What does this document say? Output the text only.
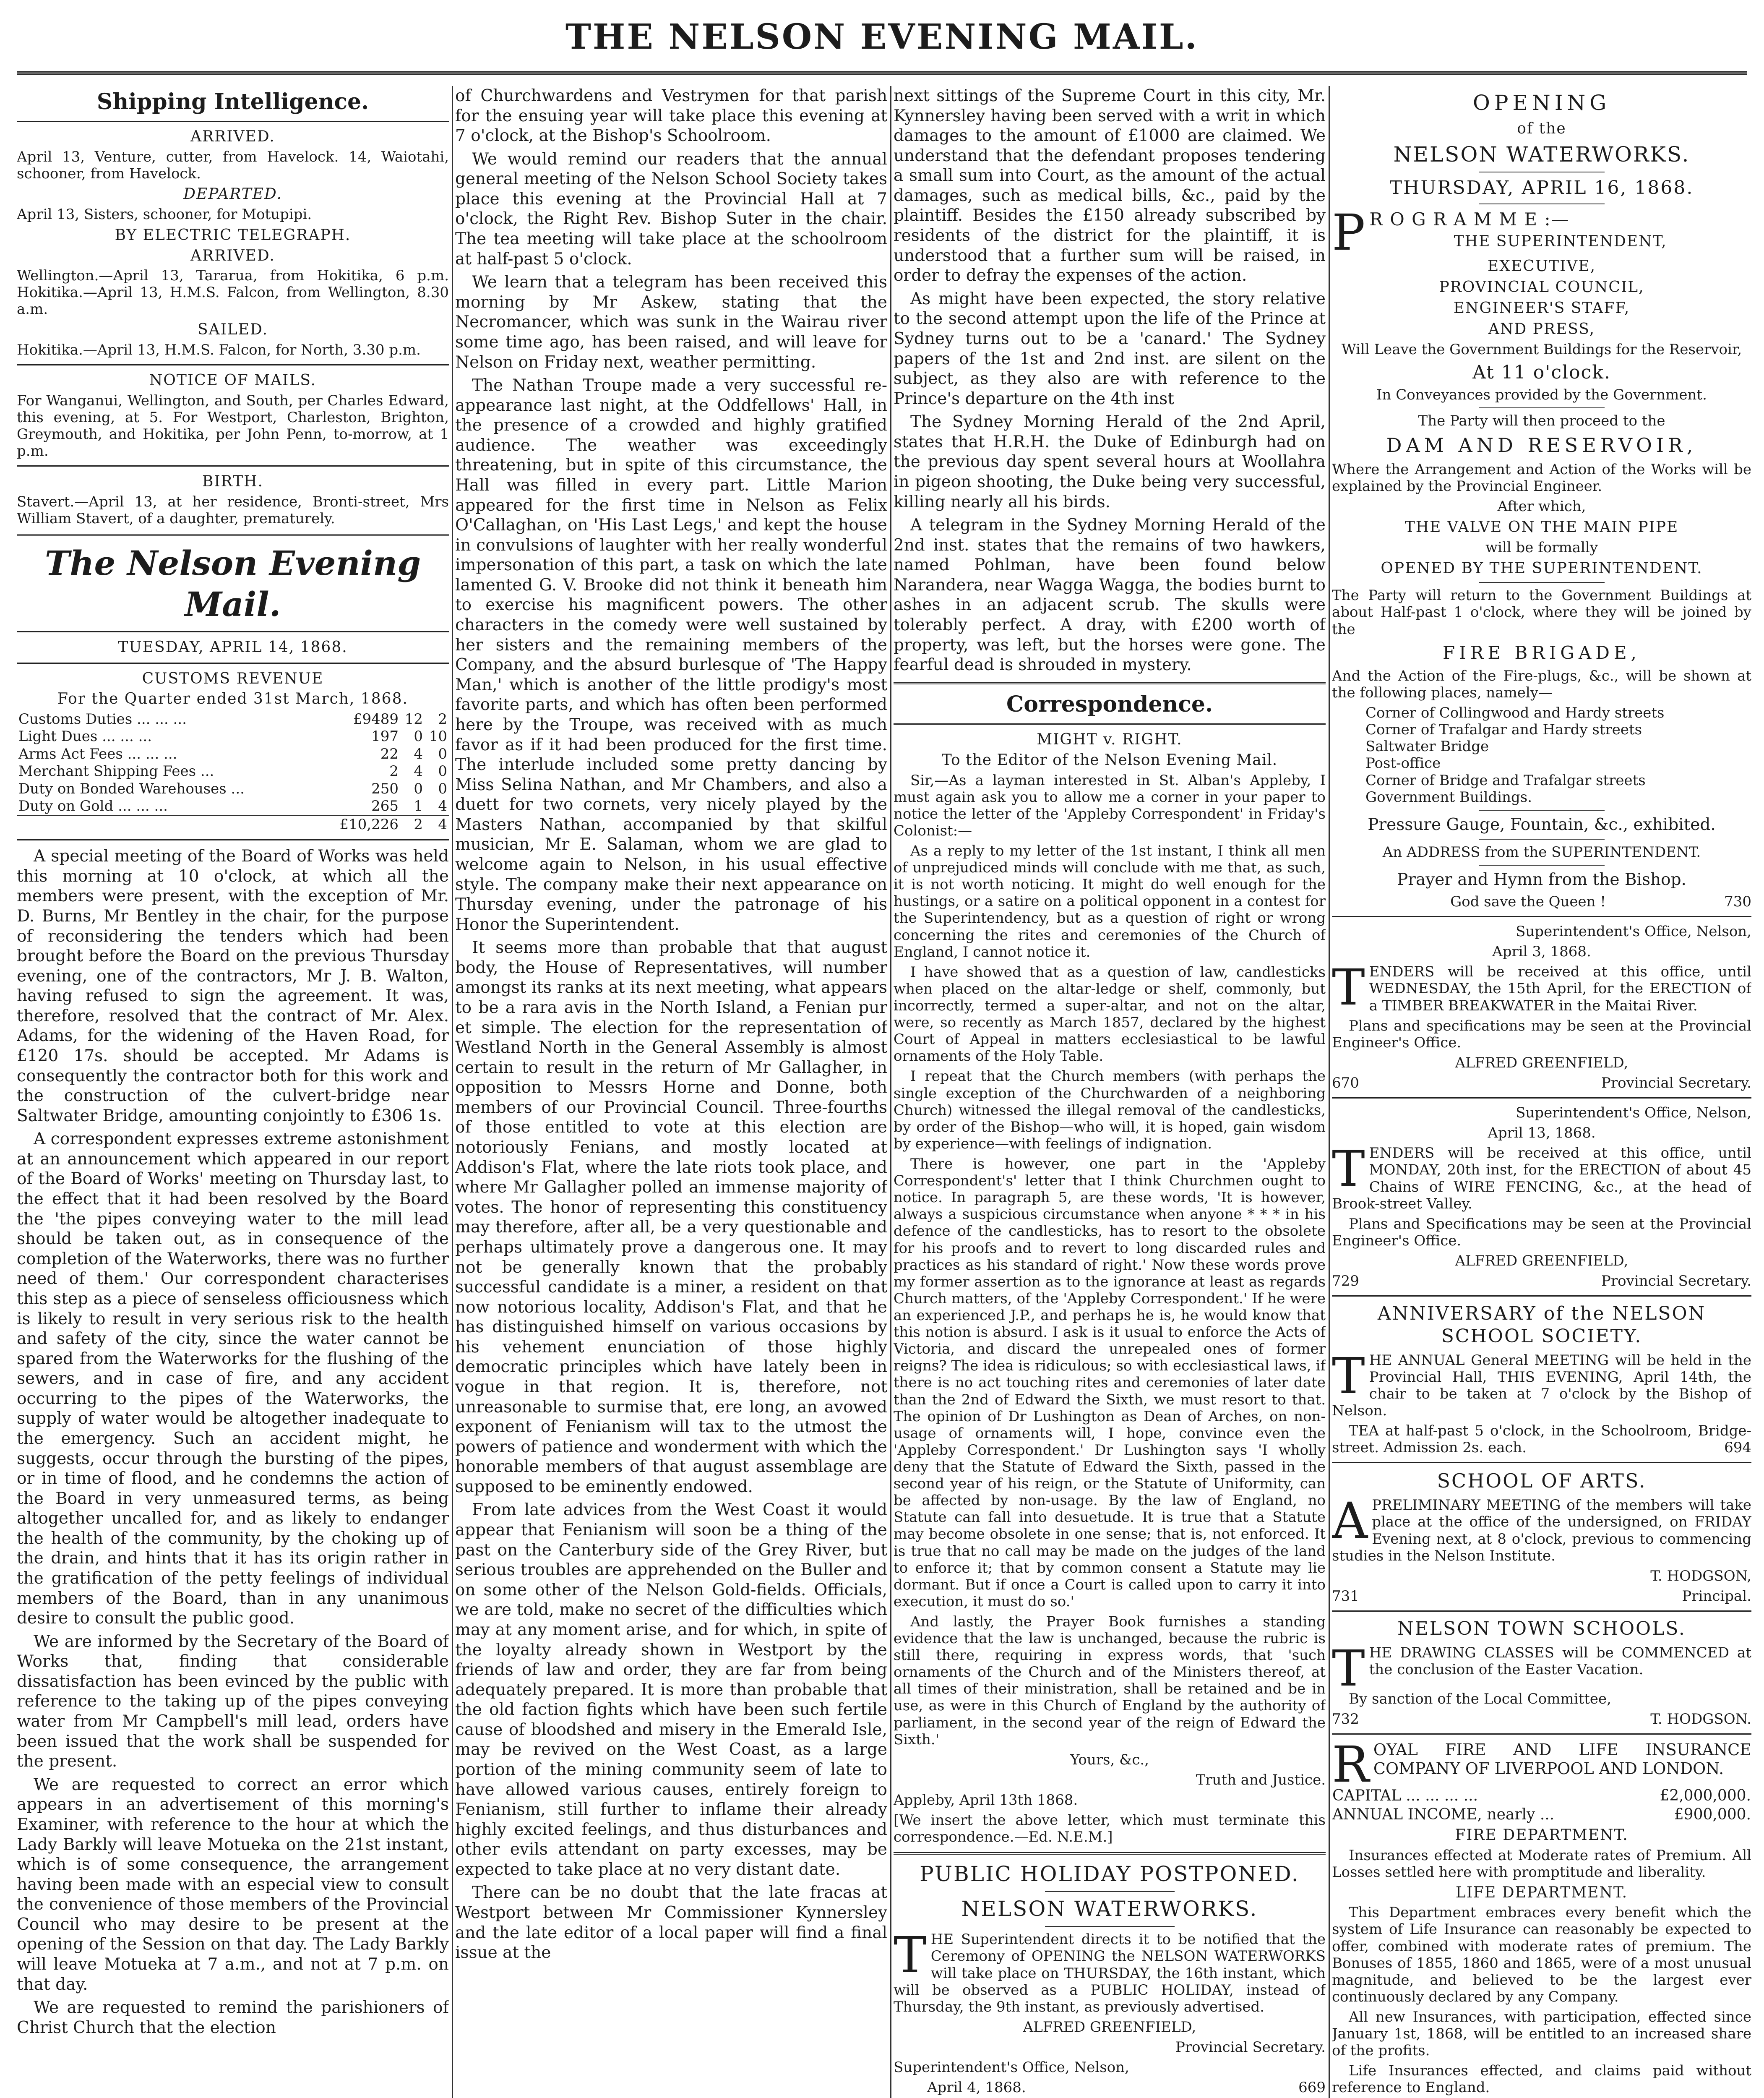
THE NELSON EVENING MAIL.
Shipping Intelligence.
ARRIVED.

April 13, Venture, cutter, from Havelock. 14, Waiotahi, schooner, from Havelock.

DEPARTED.

April 13, Sisters, schooner, for Motupipi.

BY ELECTRIC TELEGRAPH.
ARRIVED.

Wellington.—April 13, Tararua, from Hokitika, 6 p.m. Hokitika.—April 13, H.M.S. Falcon, from Wellington, 8.30 a.m.

SAILED.

Hokitika.—April 13, H.M.S. Falcon, for North, 3.30 p.m.

NOTICE OF MAILS.

For Wanganui, Wellington, and South, per Charles Edward, this evening, at 5. For Westport, Charleston, Brighton, Greymouth, and Hokitika, per John Penn, to-morrow, at 1 p.m.

BIRTH.

Stavert.—April 13, at her residence, Bronti-street, Mrs William Stavert, of a daughter, prematurely.

The Nelson Evening Mail.
TUESDAY, APRIL 14, 1868.
CUSTOMS REVENUE
For the Quarter ended 31st March, 1868.
Customs Duties ... ... ...	£9489	12	2
Light Dues ... ... ...	197	0	10
Arms Act Fees ... ... ...	22	4	0
Merchant Shipping Fees ...	2	4	0
Duty on Bonded Warehouses ...	250	0	0
Duty on Gold ... ... ...	265	1	4
	£10,226	2	4

A special meeting of the Board of Works was held this morning at 10 o'clock, at which all the members were present, with the exception of Mr. D. Burns, Mr Bentley in the chair, for the purpose of reconsidering the tenders which had been brought before the Board on the previous Thursday evening, one of the contractors, Mr J. B. Walton, having refused to sign the agreement. It was, therefore, resolved that the contract of Mr. Alex. Adams, for the widening of the Haven Road, for £120 17s. should be accepted. Mr Adams is consequently the contractor both for this work and the construction of the culvert-bridge near Saltwater Bridge, amounting conjointly to £306 1s.

A correspondent expresses extreme astonishment at an announcement which appeared in our report of the Board of Works' meeting on Thursday last, to the effect that it had been resolved by the Board the 'the pipes conveying water to the mill lead should be taken out, as in consequence of the completion of the Waterworks, there was no further need of them.' Our correspondent characterises this step as a piece of senseless officiousness which is likely to result in very serious risk to the health and safety of the city, since the water cannot be spared from the Waterworks for the flushing of the sewers, and in case of fire, and any accident occurring to the pipes of the Waterworks, the supply of water would be altogether inadequate to the emergency. Such an accident might, he suggests, occur through the bursting of the pipes, or in time of flood, and he condemns the action of the Board in very unmeasured terms, as being altogether uncalled for, and as likely to endanger the health of the community, by the choking up of the drain, and hints that it has its origin rather in the gratification of the petty feelings of individual members of the Board, than in any unanimous desire to consult the public good.

We are informed by the Secretary of the Board of Works that, finding that considerable dissatisfaction has been evinced by the public with reference to the taking up of the pipes conveying water from Mr Campbell's mill lead, orders have been issued that the work shall be suspended for the present.

We are requested to correct an error which appears in an advertisement of this morning's Examiner, with reference to the hour at which the Lady Barkly will leave Motueka on the 21st instant, which is of some consequence, the arrangement having been made with an especial view to consult the convenience of those members of the Provincial Council who may desire to be present at the opening of the Session on that day. The Lady Barkly will leave Motueka at 7 a.m., and not at 7 p.m. on that day.

We are requested to remind the parishioners of Christ Church that the election

of Churchwardens and Vestrymen for that parish for the ensuing year will take place this evening at 7 o'clock, at the Bishop's Schoolroom.

We would remind our readers that the annual general meeting of the Nelson School Society takes place this evening at the Provincial Hall at 7 o'clock, the Right Rev. Bishop Suter in the chair. The tea meeting will take place at the schoolroom at half-past 5 o'clock.

We learn that a telegram has been received this morning by Mr Askew, stating that the Necromancer, which was sunk in the Wairau river some time ago, has been raised, and will leave for Nelson on Friday next, weather permitting.

The Nathan Troupe made a very successful re-appearance last night, at the Oddfellows' Hall, in the presence of a crowded and highly gratified audience. The weather was exceedingly threatening, but in spite of this circumstance, the Hall was filled in every part. Little Marion appeared for the first time in Nelson as Felix O'Callaghan, on 'His Last Legs,' and kept the house in convulsions of laughter with her really wonderful impersonation of this part, a task on which the late lamented G. V. Brooke did not think it beneath him to exercise his magnificent powers. The other characters in the comedy were well sustained by her sisters and the remaining members of the Company, and the absurd burlesque of 'The Happy Man,' which is another of the little prodigy's most favorite parts, and which has often been performed here by the Troupe, was received with as much favor as if it had been produced for the first time. The interlude included some pretty dancing by Miss Selina Nathan, and Mr Chambers, and also a duett for two cornets, very nicely played by the Masters Nathan, accompanied by that skilful musician, Mr E. Salaman, whom we are glad to welcome again to Nelson, in his usual effective style. The company make their next appearance on Thursday evening, under the patronage of his Honor the Superintendent.

It seems more than probable that that august body, the House of Representatives, will number amongst its ranks at its next meeting, what appears to be a rara avis in the North Island, a Fenian pur et simple. The election for the representation of Westland North in the General Assembly is almost certain to result in the return of Mr Gallagher, in opposition to Messrs Horne and Donne, both members of our Provincial Council. Three-fourths of those entitled to vote at this election are notoriously Fenians, and mostly located at Addison's Flat, where the late riots took place, and where Mr Gallagher polled an immense majority of votes. The honor of representing this constituency may therefore, after all, be a very questionable and perhaps ultimately prove a dangerous one. It may not be generally known that the probably successful candidate is a miner, a resident on that now notorious locality, Addison's Flat, and that he has distinguished himself on various occasions by his vehement enunciation of those highly democratic principles which have lately been in vogue in that region. It is, therefore, not unreasonable to surmise that, ere long, an avowed exponent of Fenianism will tax to the utmost the powers of patience and wonderment with which the honorable members of that august assemblage are supposed to be eminently endowed.

From late advices from the West Coast it would appear that Fenianism will soon be a thing of the past on the Canterbury side of the Grey River, but serious troubles are apprehended on the Buller and on some other of the Nelson Gold-fields. Officials, we are told, make no secret of the difficulties which may at any moment arise, and for which, in spite of the loyalty already shown in Westport by the friends of law and order, they are far from being adequately prepared. It is more than probable that the old faction fights which have been such fertile cause of bloodshed and misery in the Emerald Isle, may be revived on the West Coast, as a large portion of the mining community seem of late to have allowed various causes, entirely foreign to Fenianism, still further to inflame their already highly excited feelings, and thus disturbances and other evils attendant on party excesses, may be expected to take place at no very distant date.

There can be no doubt that the late fracas at Westport between Mr Commissioner Kynnersley and the late editor of a local paper will find a final issue at the

next sittings of the Supreme Court in this city, Mr. Kynnersley having been served with a writ in which damages to the amount of £1000 are claimed. We understand that the defendant proposes tendering a small sum into Court, as the amount of the actual damages, such as medical bills, &c., paid by the plaintiff. Besides the £150 already subscribed by residents of the district for the plaintiff, it is understood that a further sum will be raised, in order to defray the expenses of the action.

As might have been expected, the story relative to the second attempt upon the life of the Prince at Sydney turns out to be a 'canard.' The Sydney papers of the 1st and 2nd inst. are silent on the subject, as they also are with reference to the Prince's departure on the 4th inst

The Sydney Morning Herald of the 2nd April, states that H.R.H. the Duke of Edinburgh had on the previous day spent several hours at Woollahra in pigeon shooting, the Duke being very successful, killing nearly all his birds.

A telegram in the Sydney Morning Herald of the 2nd inst. states that the remains of two hawkers, named Pohlman, have been found below Narandera, near Wagga Wagga, the bodies burnt to ashes in an adjacent scrub. The skulls were tolerably perfect. A dray, with £200 worth of property, was left, but the horses were gone. The fearful dead is shrouded in mystery.

Correspondence.
MIGHT v. RIGHT.
To the Editor of the Nelson Evening Mail.

Sir,—As a layman interested in St. Alban's Appleby, I must again ask you to allow me a corner in your paper to notice the letter of the 'Appleby Correspondent' in Friday's Colonist:—

As a reply to my letter of the 1st instant, I think all men of unprejudiced minds will conclude with me that, as such, it is not worth noticing. It might do well enough for the hustings, or a satire on a political opponent in a contest for the Superintendency, but as a question of right or wrong concerning the rites and ceremonies of the Church of England, I cannot notice it.

I have showed that as a question of law, candlesticks when placed on the altar-ledge or shelf, commonly, but incorrectly, termed a super-altar, and not on the altar, were, so recently as March 1857, declared by the highest Court of Appeal in matters ecclesiastical to be lawful ornaments of the Holy Table.

I repeat that the Church members (with perhaps the single exception of the Churchwarden of a neighboring Church) witnessed the illegal removal of the candlesticks, by order of the Bishop—who will, it is hoped, gain wisdom by experience—with feelings of indignation.

There is however, one part in the 'Appleby Correspondent's' letter that I think Churchmen ought to notice. In paragraph 5, are these words, 'It is however, always a suspicious circumstance when anyone * * * in his defence of the candlesticks, has to resort to the obsolete for his proofs and to revert to long discarded rules and practices as his standard of right.' Now these words prove my former assertion as to the ignorance at least as regards Church matters, of the 'Appleby Correspondent.' If he were an experienced J.P., and perhaps he is, he would know that this notion is absurd. I ask is it usual to enforce the Acts of Victoria, and discard the unrepealed ones of former reigns? The idea is ridiculous; so with ecclesiastical laws, if there is no act touching rites and ceremonies of later date than the 2nd of Edward the Sixth, we must resort to that. The opinion of Dr Lushington as Dean of Arches, on non-usage of ornaments will, I hope, convince even the 'Appleby Correspondent.' Dr Lushington says 'I wholly deny that the Statute of Edward the Sixth, passed in the second year of his reign, or the Statute of Uniformity, can be affected by non-usage. By the law of England, no Statute can fall into desuetude. It is true that a Statute may become obsolete in one sense; that is, not enforced. It is true that no call may be made on the judges of the land to enforce it; that by common consent a Statute may lie dormant. But if once a Court is called upon to carry it into execution, it must do so.'

And lastly, the Prayer Book furnishes a standing evidence that the law is unchanged, because the rubric is still there, requiring in express words, that 'such ornaments of the Church and of the Ministers thereof, at all times of their ministration, shall be retained and be in use, as were in this Church of England by the authority of parliament, in the second year of the reign of Edward the Sixth.'

Yours, &c.,

Truth and Justice.

Appleby, April 13th 1868.

[We insert the above letter, which must terminate this correspondence.—Ed. N.E.M.]

PUBLIC HOLIDAY POSTPONED.
NELSON WATERWORKS.
T HE Superintendent directs it to be notified that the Ceremony of OPENING the NELSON WATERWORKS will take place on THURSDAY, the 16th instant, which will be observed as a PUBLIC HOLIDAY, instead of Thursday, the 9th instant, as previously advertised.

ALFRED GREENFIELD,

Provincial Secretary.

Superintendent's Office, Nelson,

April 4, 1868.	669

OPENING
of the
NELSON WATERWORKS.
THURSDAY, APRIL 16, 1868.
P R O G R A M M E :—
THE SUPERINTENDENT,
EXECUTIVE,
PROVINCIAL COUNCIL,
ENGINEER'S STAFF,
AND PRESS,

Will Leave the Government Buildings for the Reservoir,

At 11 o'clock.

In Conveyances provided by the Government.

The Party will then proceed to the

DAM AND RESERVOIR,

Where the Arrangement and Action of the Works will be explained by the Provincial Engineer.

After which,

THE VALVE ON THE MAIN PIPE

will be formally

OPENED BY THE SUPERINTENDENT.

The Party will return to the Government Buildings at about Half-past 1 o'clock, where they will be joined by the

FIRE BRIGADE,

And the Action of the Fire-plugs, &c., will be shown at the following places, namely—

Corner of Collingwood and Hardy streets
Corner of Trafalgar and Hardy streets
Saltwater Bridge
Post-office
Corner of Bridge and Trafalgar streets
Government Buildings.

Pressure Gauge, Fountain, &c., exhibited.

An ADDRESS from the SUPERINTENDENT.

Prayer and Hymn from the Bishop.

God save the Queen !	730

Superintendent's Office, Nelson,

April 3, 1868.

T ENDERS will be received at this office, until WEDNESDAY, the 15th April, for the ERECTION of a TIMBER BREAKWATER in the Maitai River.

Plans and specifications may be seen at the Provincial Engineer's Office.

ALFRED GREENFIELD,

670	Provincial Secretary.

Superintendent's Office, Nelson,

April 13, 1868.

T ENDERS will be received at this office, until MONDAY, 20th inst, for the ERECTION of about 45 Chains of WIRE FENCING, &c., at the head of Brook-street Valley.

Plans and Specifications may be seen at the Provincial Engineer's Office.

ALFRED GREENFIELD,

729	Provincial Secretary.

ANNIVERSARY of the NELSON SCHOOL SOCIETY.
T HE ANNUAL General MEETING will be held in the Provincial Hall, THIS EVENING, April 14th, the chair to be taken at 7 o'clock by the Bishop of Nelson.

TEA at half-past 5 o'clock, in the Schoolroom, Bridge-street. Admission 2s. each.	694

SCHOOL OF ARTS.
A PRELIMINARY MEETING of the members will take place at the office of the undersigned, on FRIDAY Evening next, at 8 o'clock, previous to commencing studies in the Nelson Institute.

T. HODGSON,

731	Principal.

NELSON TOWN SCHOOLS.
T HE DRAWING CLASSES will be COMMENCED at the conclusion of the Easter Vacation.

By sanction of the Local Committee,

732	T. HODGSON.

R OYAL FIRE AND LIFE INSURANCE COMPANY OF LIVERPOOL AND LONDON.

CAPITAL ... ... ... ...	£2,000,000.
ANNUAL INCOME, nearly ...	£900,000.
FIRE DEPARTMENT.

Insurances effected at Moderate rates of Premium. All Losses settled here with promptitude and liberality.

LIFE DEPARTMENT.

This Department embraces every benefit which the system of Life Insurance can reasonably be expected to offer, combined with moderate rates of premium. The Bonuses of 1855, 1860 and 1865, were of a most unusual magnitude, and believed to be the largest ever continuously declared by any Company.

All new Insurances, with participation, effected since January 1st, 1868, will be entitled to an increased share of the profits.

Life Insurances effected, and claims paid without reference to England.
